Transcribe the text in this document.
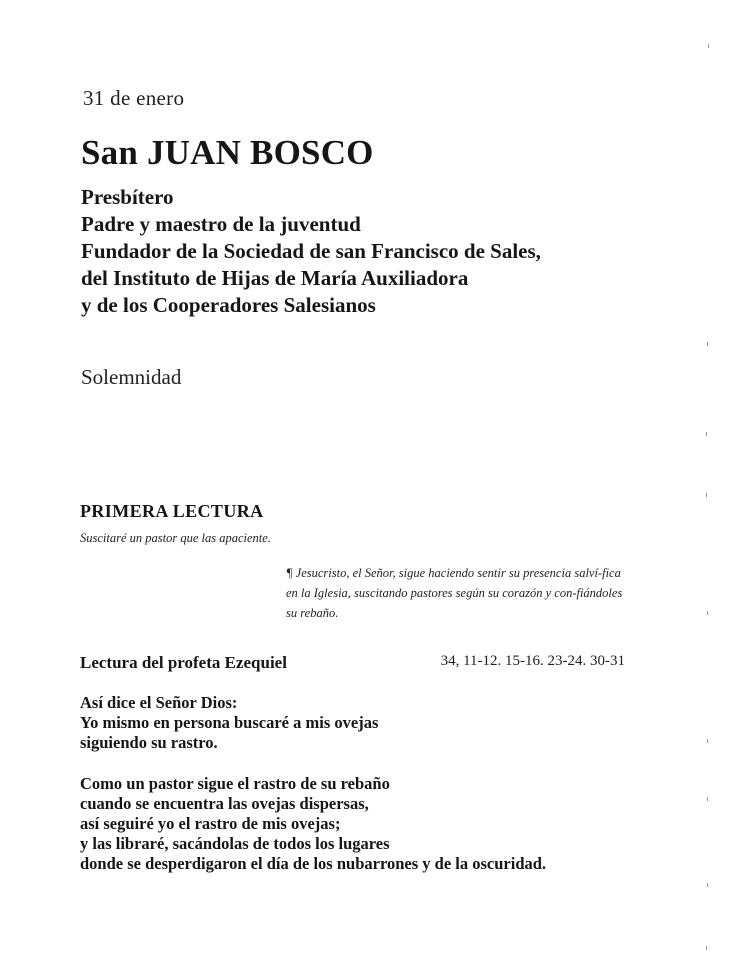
31 de enero
San JUAN BOSCO
Presbítero
Padre y maestro de la juventud
Fundador de la Sociedad de san Francisco de Sales,
del Instituto de Hijas de María Auxiliadora
y de los Cooperadores Salesianos
Solemnidad
PRIMERA LECTURA
Suscitaré un pastor que las apaciente.
¶ Jesucristo, el Señor, sigue haciendo sentir su presencia salví-fica en la Iglesia, suscitando pastores según su corazón y con-fiándoles su rebaño.
Lectura del profeta Ezequiel	34, 11-12. 15-16. 23-24. 30-31
Así dice el Señor Dios:
Yo mismo en persona buscaré a mis ovejas
siguiendo su rastro.
Como un pastor sigue el rastro de su rebaño
cuando se encuentra las ovejas dispersas,
así seguiré yo el rastro de mis ovejas;
y las libraré, sacándolas de todos los lugares
donde se desperdigaron el día de los nubarrones y de la oscuridad.
